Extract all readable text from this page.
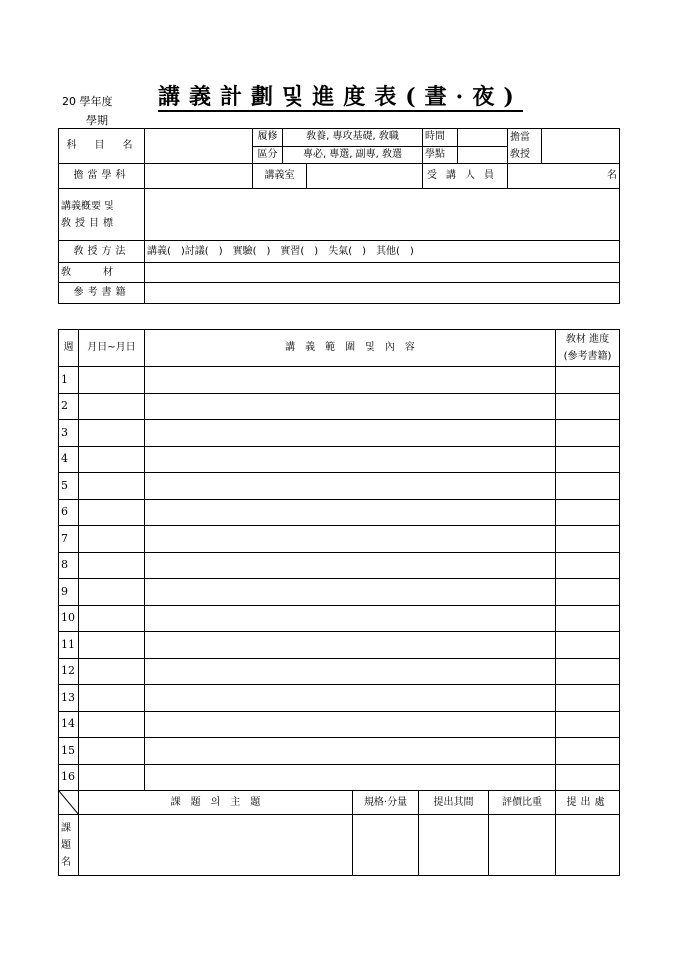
20 學年度
學期
講義計劃및進度表(晝·夜)
科　目　名		履修	敎養, 專攻基礎, 敎職		時間		擔當
敎授	

		區分	專必, 專選, 副專, 敎選		學點			
擔當學科		講義室			受講人員		名	

講義槪要 및
敎授目標								

敎授方法	講義(　)討議(　)　實驗(　)　實習(　)　失氣(　)　其他(　)							
敎　　材								
參考書籍								
週	月日~月日	講　義　範　圍　및　內　容	敎材 進度
(參考書籍)

1			
2			
3			
4			
5			
6			
7			
8			
9			
10			
11			
12			
13			
14			
15			
16			
	課　題　의　主　題	規格·分量	提出其間	評價比重	提出處

課
題
名					
